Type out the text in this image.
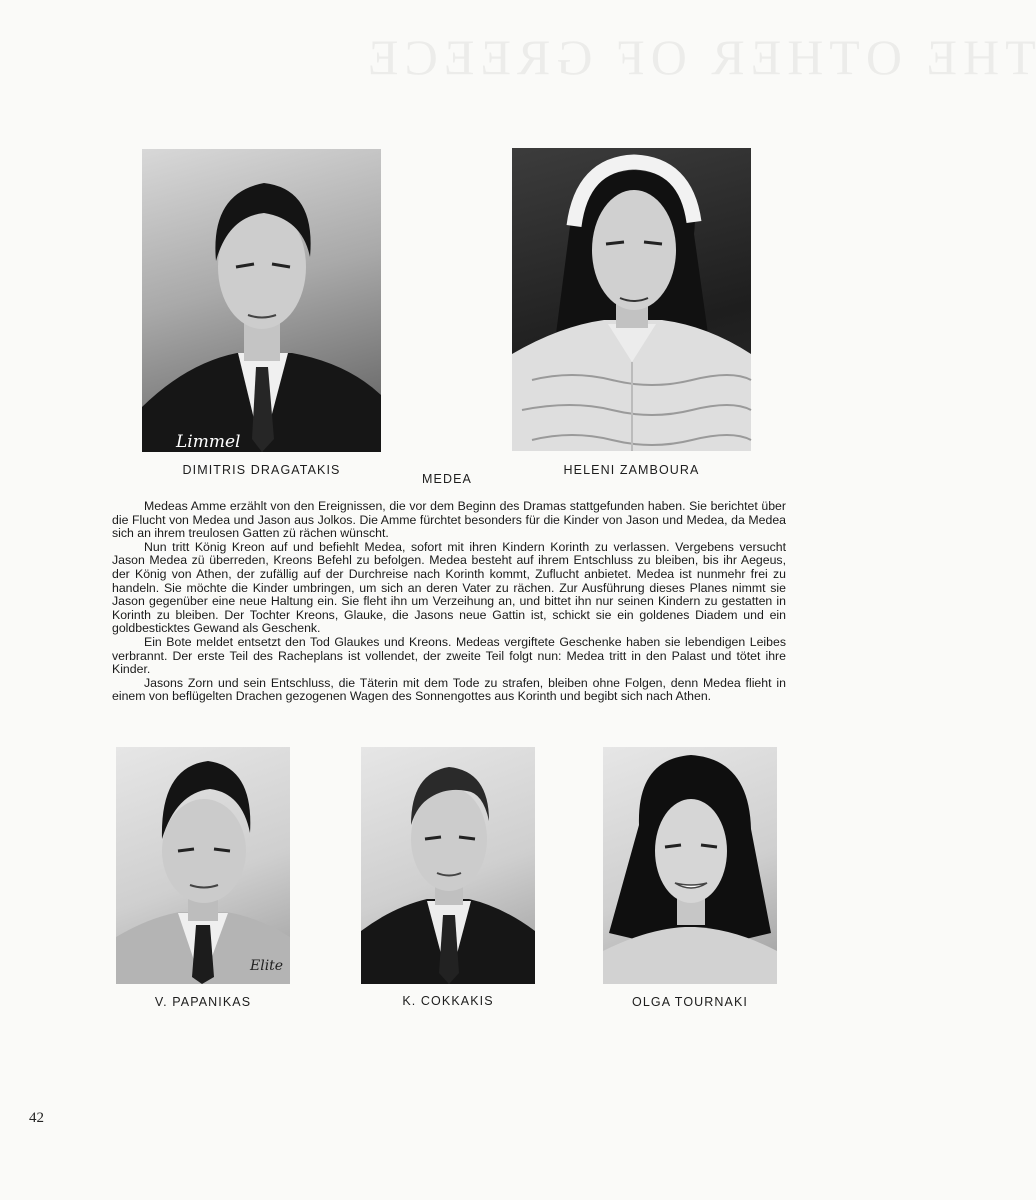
THE OTHER OF GREECE
Limmel
DIMITRIS DRAGATAKIS
MEDEA
HELENI ZAMBOURA

Medeas Amme erzählt von den Ereignissen, die vor dem Beginn des Dramas stattgefunden haben. Sie berichtet über die Flucht von Medea und Jason aus Jolkos. Die Amme fürchtet besonders für die Kinder von Jason und Medea, da Medea sich an ihrem treulosen Gatten zü rächen wünscht.

Nun tritt König Kreon auf und befiehlt Medea, sofort mit ihren Kindern Korinth zu verlassen. Vergebens versucht Jason Medea zü überreden, Kreons Befehl zu befolgen. Medea besteht auf ihrem Entschluss zu bleiben, bis ihr Aegeus, der König von Athen, der zufällig auf der Durchreise nach Korinth kommt, Zuflucht anbietet. Medea ist nunmehr frei zu handeln. Sie möchte die Kinder umbringen, um sich an deren Vater zu rächen. Zur Ausführung dieses Planes nimmt sie Jason gegenüber eine neue Haltung ein. Sie fleht ihn um Verzeihung an, und bittet ihn nur seinen Kindern zu gestatten in Korinth zu bleiben. Der Tochter Kreons, Glauke, die Jasons neue Gattin ist, schickt sie ein goldenes Diadem und ein goldbesticktes Gewand als Geschenk.

Ein Bote meldet entsetzt den Tod Glaukes und Kreons. Medeas vergiftete Geschenke haben sie lebendigen Leibes verbrannt. Der erste Teil des Racheplans ist vollendet, der zweite Teil folgt nun: Medea tritt in den Palast und tötet ihre Kinder.

Jasons Zorn und sein Entschluss, die Täterin mit dem Tode zu strafen, bleiben ohne Folgen, denn Medea flieht in einem von beflügelten Drachen gezogenen Wagen des Sonnengottes aus Korinth und begibt sich nach Athen.

Elite
V. PAPANIKAS	K. COKKAKIS	OLGA TOURNAKI
42
